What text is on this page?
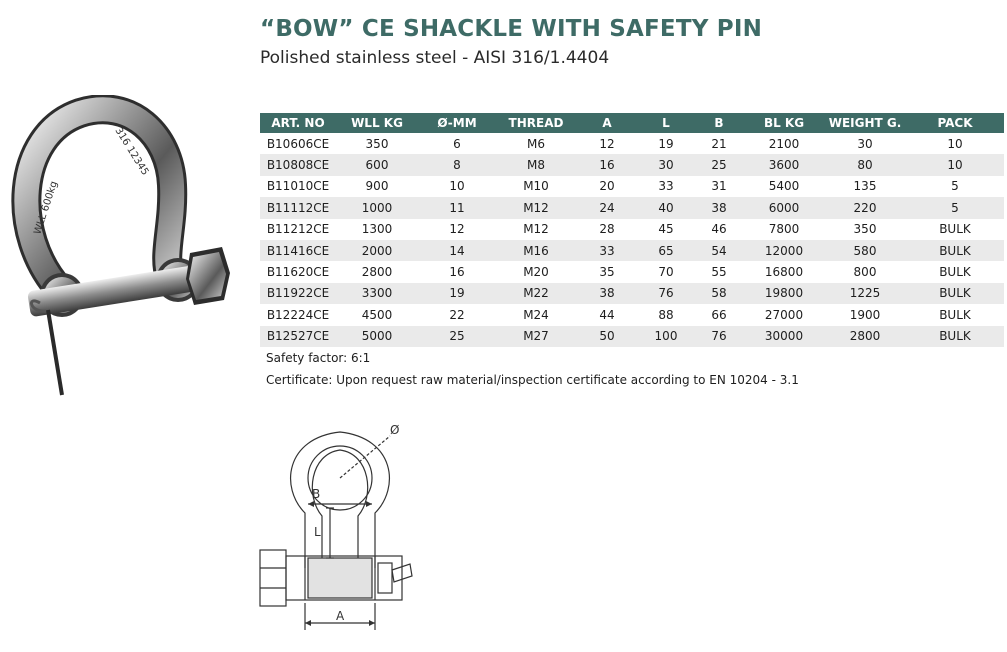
“BOW” CE SHACKLE WITH SAFETY PIN
Polished stainless steel - AISI 316/1.4404
WLL 600kg
316 12345
ART. NO	WLL KG	Ø-MM	THREAD	A	L	B	BL KG	WEIGHT G.	PACK
B10606CE	350	6	M6	12	19	21	2100	30	10
B10808CE	600	8	M8	16	30	25	3600	80	10
B11010CE	900	10	M10	20	33	31	5400	135	5
B11112CE	1000	11	M12	24	40	38	6000	220	5
B11212CE	1300	12	M12	28	45	46	7800	350	BULK
B11416CE	2000	14	M16	33	65	54	12000	580	BULK
B11620CE	2800	16	M20	35	70	55	16800	800	BULK
B11922CE	3300	19	M22	38	76	58	19800	1225	BULK
B12224CE	4500	22	M24	44	88	66	27000	1900	BULK
B12527CE	5000	25	M27	50	100	76	30000	2800	BULK
Safety factor: 6:1
Certificate: Upon request raw material/inspection certificate according to EN 10204 - 3.1
Ø
B
L
A
